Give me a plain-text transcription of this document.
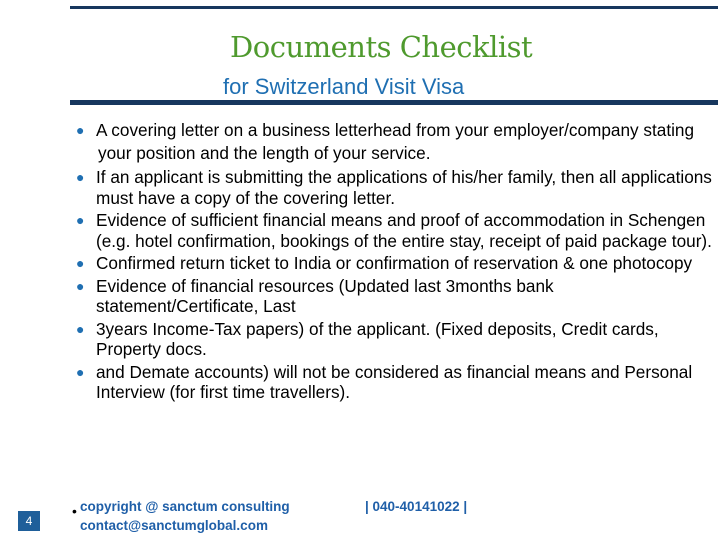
Documents Checklist
for Switzerland Visit Visa
● A covering letter on a business letterhead from your employer/company stating
your position and the length of your service.
● If an applicant is submitting the applications of his/her family, then all applications must have a copy of the covering letter.
● Evidence of sufficient financial means and proof of accommodation in Schengen (e.g. hotel confirmation, bookings of the entire stay, receipt of paid package tour).
● Confirmed return ticket to India or confirmation of reservation & one photocopy
● Evidence of financial resources (Updated last 3months bank statement/Certificate, Last
● 3years Income-Tax papers) of the applicant. (Fixed deposits, Credit cards, Property docs.
● and Demate accounts) will not be considered as financial means and Personal Interview (for first time travellers).
• copyright @ sanctum consulting
contact@sanctumglobal.com
| 040-40141022 |
4
